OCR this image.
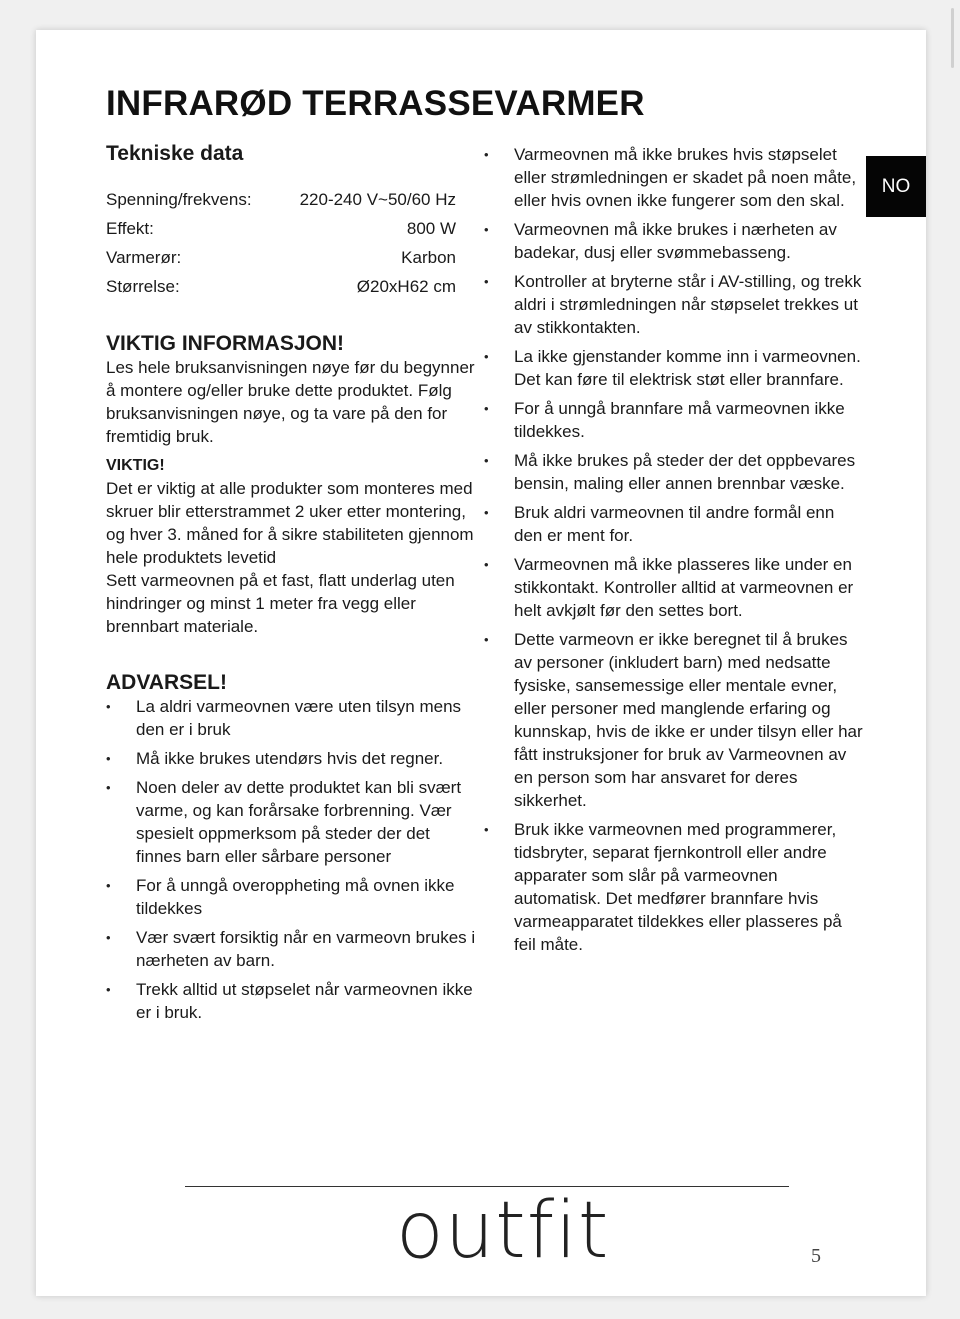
INFRARØD TERRASSEVARMER
NO
Tekniske data
Spenning/frekvens:	220-240 V~50/60 Hz
Effekt:	800 W
Varmerør:	Karbon
Størrelse:	Ø20xH62 cm
VIKTIG INFORMASJON!

Les hele bruksanvisningen nøye før du begynner å montere og/eller bruke dette produktet. Følg bruksanvisningen nøye, og ta vare på den for fremtidig bruk.

VIKTIG!

Det er viktig at alle produkter som monteres med skruer blir etterstrammet 2 uker etter montering, og hver 3. måned for å sikre stabiliteten gjennom hele produktets levetid

Sett varmeovnen på et fast, flatt underlag uten hindringer og minst 1 meter fra vegg eller brennbart materiale.

ADVARSEL!
• La aldri varmeovnen være uten tilsyn mens den er i bruk
• Må ikke brukes utendørs hvis det regner.
• Noen deler av dette produktet kan bli svært varme, og kan forårsake forbrenning. Vær spesielt oppmerksom på steder der det finnes barn eller sårbare personer
• For å unngå overoppheting må ovnen ikke tildekkes
• Vær svært forsiktig når en varmeovn brukes i nærheten av barn.
• Trekk alltid ut støpselet når varmeovnen ikke er i bruk.
• Varmeovnen må ikke brukes hvis støpselet eller strømledningen er skadet på noen måte, eller hvis ovnen ikke fungerer som den skal.
• Varmeovnen må ikke brukes i nærheten av badekar, dusj eller svømmebasseng.
• Kontroller at bryterne står i AV-stilling, og trekk aldri i strømledningen når støpselet trekkes ut av stikkontakten.
• La ikke gjenstander komme inn i varmeovnen. Det kan føre til elektrisk støt eller brannfare.
• For å unngå brannfare må varmeovnen ikke tildekkes.
• Må ikke brukes på steder der det oppbevares bensin, maling eller annen brennbar væske.
• Bruk aldri varmeovnen til andre formål enn den er ment for.
• Varmeovnen må ikke plasseres like under en stikkontakt. Kontroller alltid at varmeovnen er helt avkjølt før den settes bort.
• Dette varmeovn er ikke beregnet til å brukes av personer (inkludert barn) med nedsatte fysiske, sansemessige eller mentale evner, eller personer med manglende erfaring og kunnskap, hvis de ikke er under tilsyn eller har fått instruksjoner for bruk av Varmeovnen av en person som har ansvaret for deres sikkerhet.
• Bruk ikke varmeovnen med programmerer, tidsbryter, separat fjernkontroll eller andre apparater som slår på varmeovnen automatisk. Det medfører brannfare hvis varmeapparatet tildekkes eller plasseres på feil måte.
outfit	5
